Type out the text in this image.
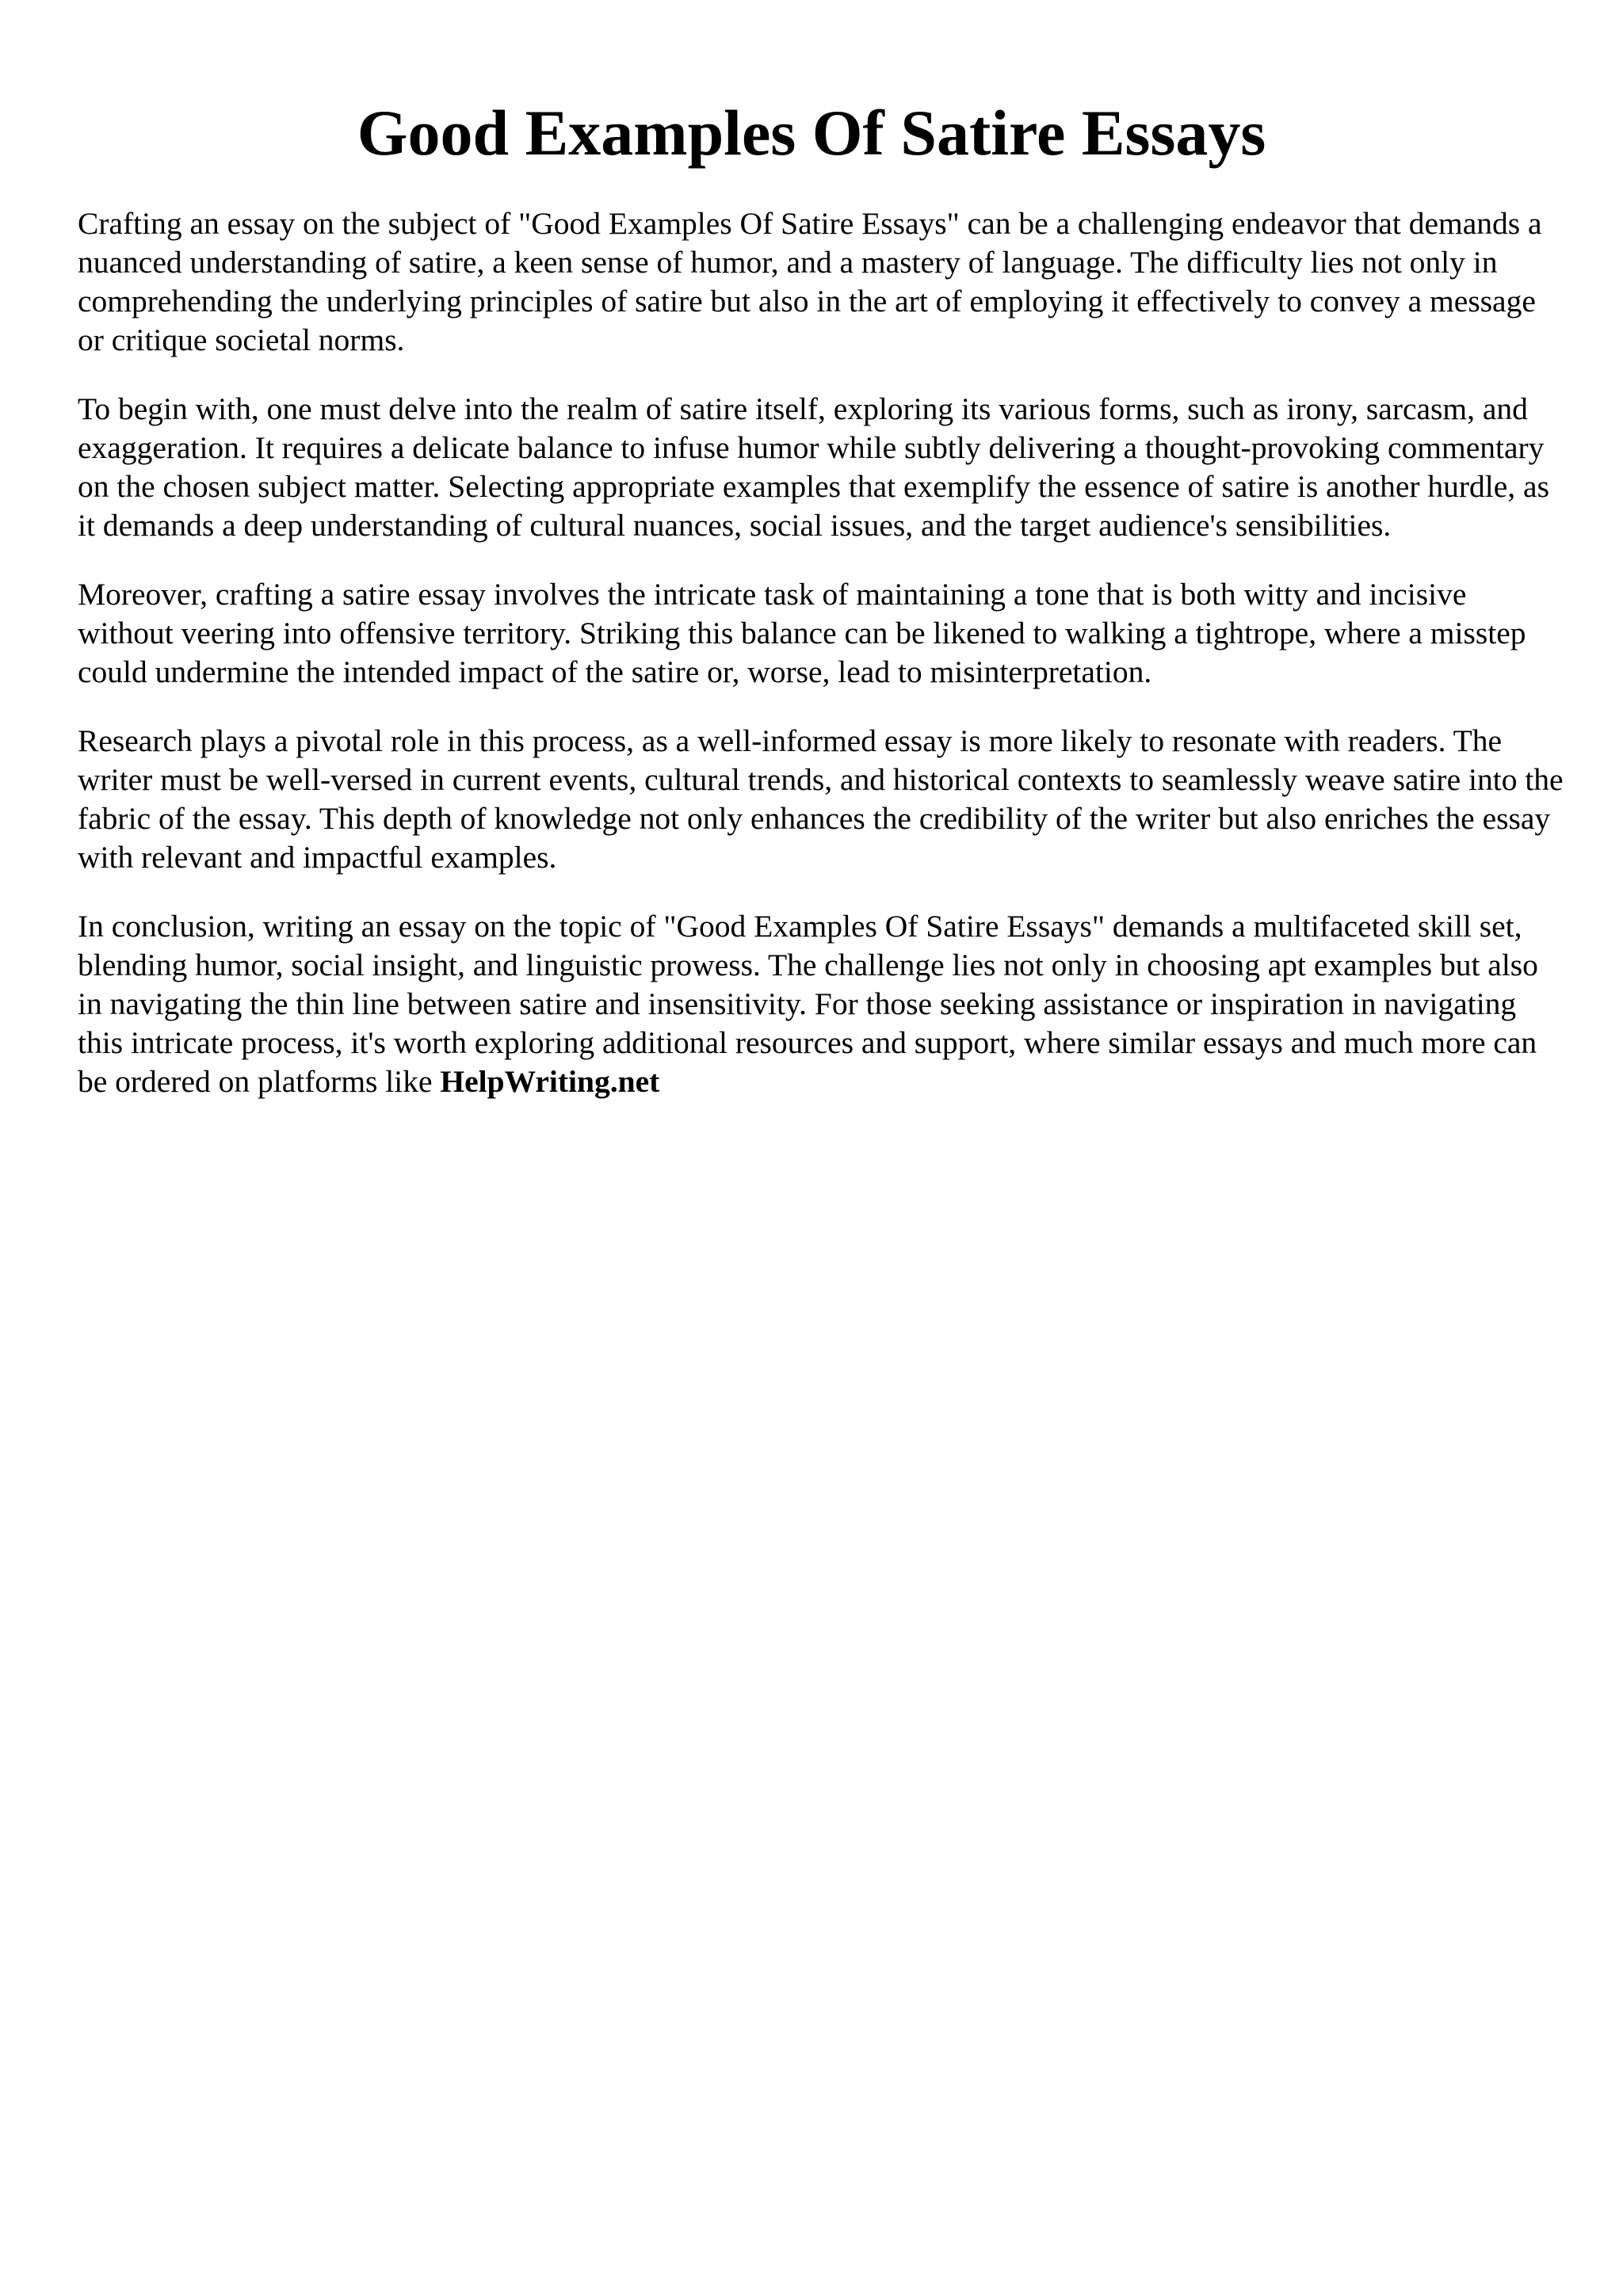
Good Examples Of Satire Essays

Crafting an essay on the subject of "Good Examples Of Satire Essays" can be a challenging endeavor that demands a nuanced understanding of satire, a keen sense of humor, and a mastery of language. The difficulty lies not only in comprehending the underlying principles of satire but also in the art of employing it effectively to convey a message or critique societal norms.

To begin with, one must delve into the realm of satire itself, exploring its various forms, such as irony, sarcasm, and exaggeration. It requires a delicate balance to infuse humor while subtly delivering a thought-provoking commentary on the chosen subject matter. Selecting appropriate examples that exemplify the essence of satire is another hurdle, as it demands a deep understanding of cultural nuances, social issues, and the target audience's sensibilities.

Moreover, crafting a satire essay involves the intricate task of maintaining a tone that is both witty and incisive without veering into offensive territory. Striking this balance can be likened to walking a tightrope, where a misstep could undermine the intended impact of the satire or, worse, lead to misinterpretation.

Research plays a pivotal role in this process, as a well-informed essay is more likely to resonate with readers. The writer must be well-versed in current events, cultural trends, and historical contexts to seamlessly weave satire into the fabric of the essay. This depth of knowledge not only enhances the credibility of the writer but also enriches the essay with relevant and impactful examples.

In conclusion, writing an essay on the topic of "Good Examples Of Satire Essays" demands a multifaceted skill set, blending humor, social insight, and linguistic prowess. The challenge lies not only in choosing apt examples but also in navigating the thin line between satire and insensitivity. For those seeking assistance or inspiration in navigating this intricate process, it's worth exploring additional resources and support, where similar essays and much more can be ordered on platforms like HelpWriting.net
